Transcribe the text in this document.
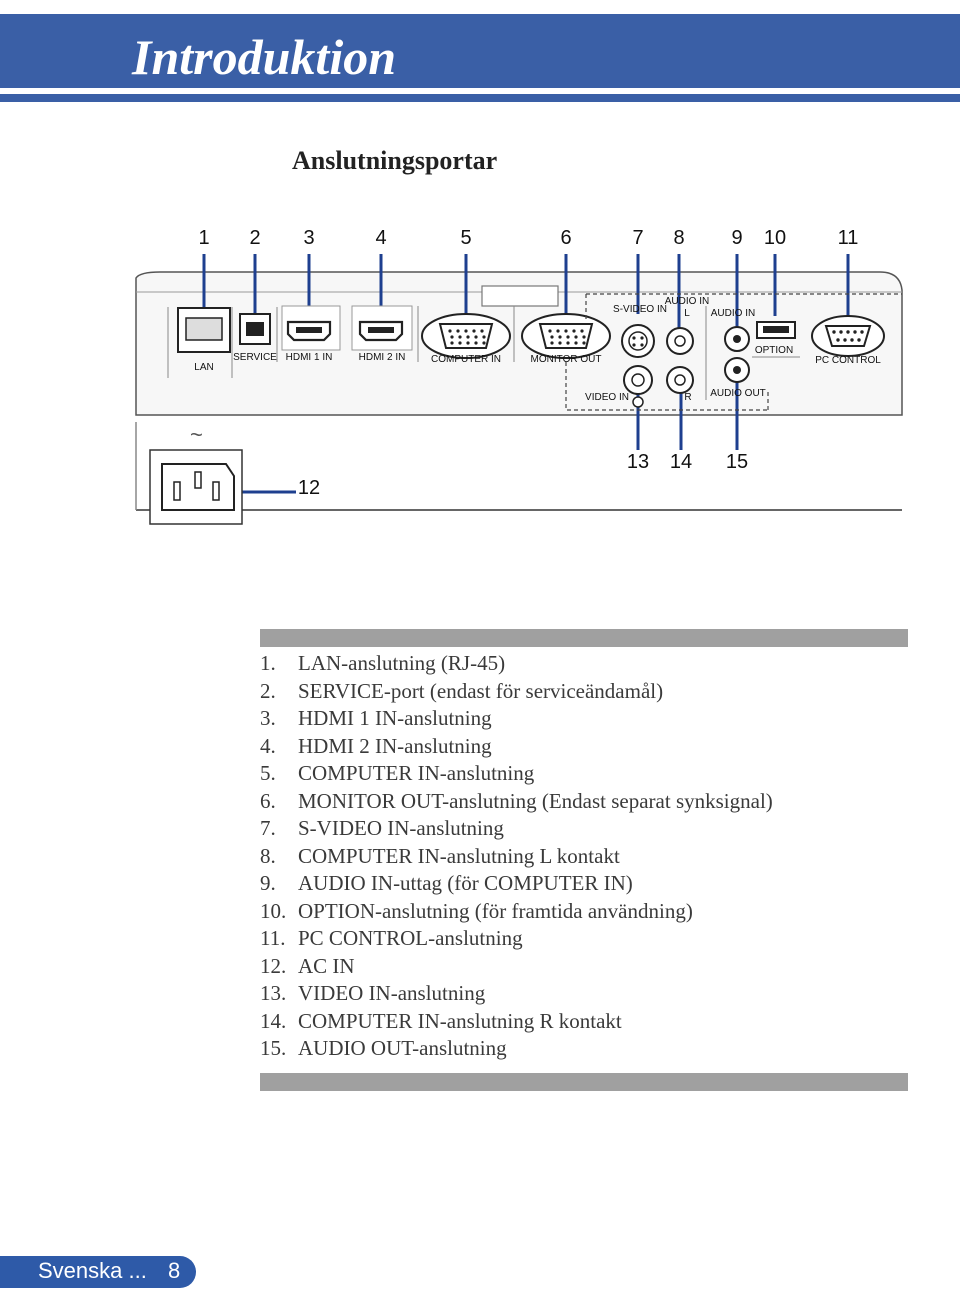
Introduktion
Anslutningsportar
1 2 3	4	5	6	7 8 9 10	11
13 14 15
12
LAN
SERVICE HDMI 1 IN	HDMI 2 IN	COMPUTER IN	MONITOR OUT
S-VIDEO IN
VIDEO IN
AUDIO IN
L
R
AUDIO IN
AUDIO OUT
OPTION
PC CONTROL
~
1. LAN-anslutning (RJ-45)
2. SERVICE-port (endast för serviceändamål)
3. HDMI 1 IN-anslutning
4. HDMI 2 IN-anslutning
5. COMPUTER IN-anslutning
6. MONITOR OUT-anslutning (Endast separat synksignal)
7. S-VIDEO IN-anslutning
8. COMPUTER IN-anslutning L kontakt
9. AUDIO IN-uttag (för COMPUTER IN)
10. OPTION-anslutning (för framtida användning)
11. PC CONTROL-anslutning
12. AC IN
13. VIDEO IN-anslutning
14. COMPUTER IN-anslutning R kontakt
15. AUDIO OUT-anslutning
Svenska ... 8
